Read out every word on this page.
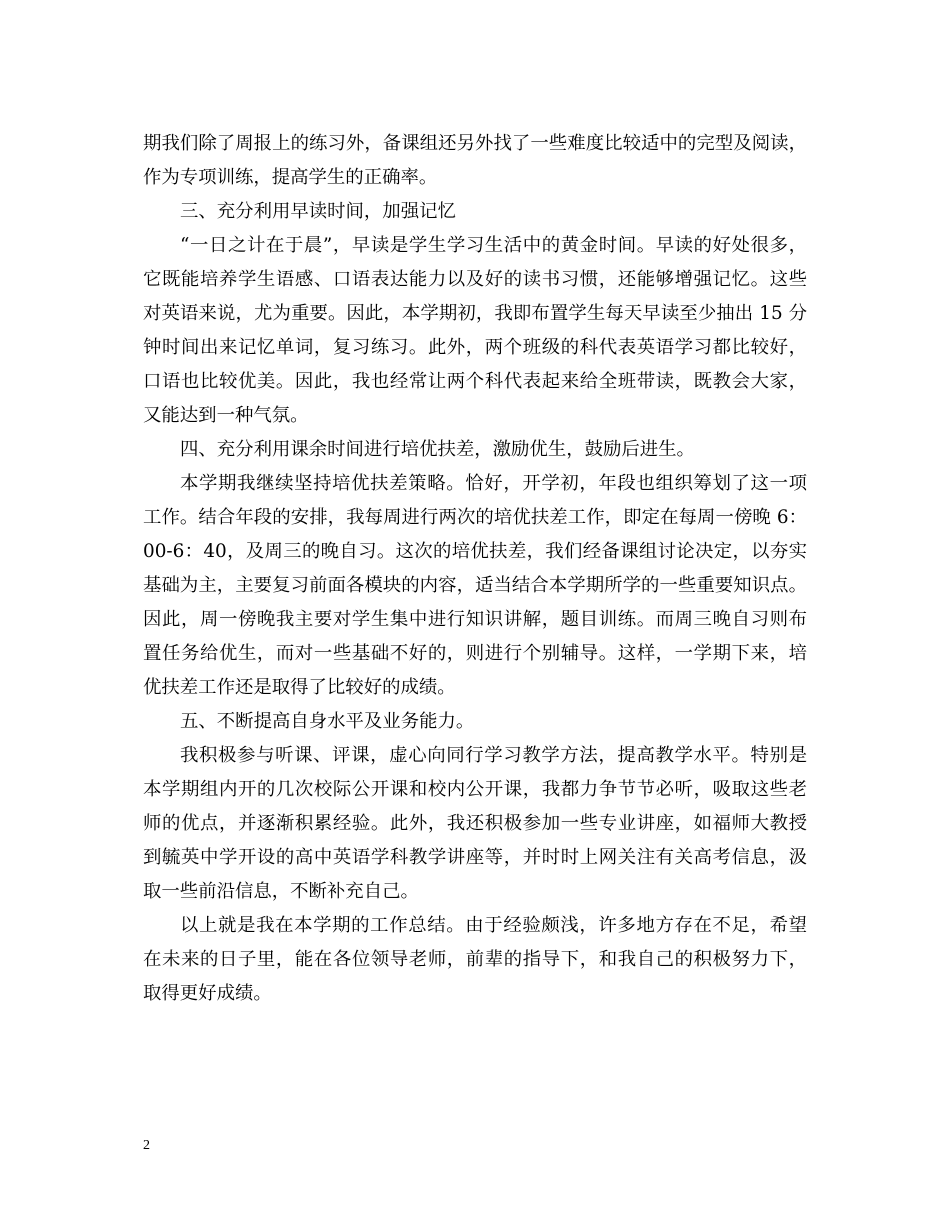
期我们除了周报上的练习外，备课组还另外找了一些难度比较适中的完型及阅读，
作为专项训练，提高学生的正确率。
三、充分利用早读时间，加强记忆
“一日之计在于晨”，早读是学生学习生活中的黄金时间。早读的好处很多，
它既能培养学生语感、口语表达能力以及好的读书习惯，还能够增强记忆。这些
对英语来说，尤为重要。因此，本学期初，我即布置学生每天早读至少抽出 15 分
钟时间出来记忆单词，复习练习。此外，两个班级的科代表英语学习都比较好，
口语也比较优美。因此，我也经常让两个科代表起来给全班带读，既教会大家，
又能达到一种气氛。
四、充分利用课余时间进行培优扶差，激励优生，鼓励后进生。
本学期我继续坚持培优扶差策略。恰好，开学初，年段也组织筹划了这一项
工作。结合年段的安排，我每周进行两次的培优扶差工作，即定在每周一傍晚 6：
00-6：40，及周三的晚自习。这次的培优扶差，我们经备课组讨论决定，以夯实
基础为主，主要复习前面各模块的内容，适当结合本学期所学的一些重要知识点。
因此，周一傍晚我主要对学生集中进行知识讲解，题目训练。而周三晚自习则布
置任务给优生，而对一些基础不好的，则进行个别辅导。这样，一学期下来，培
优扶差工作还是取得了比较好的成绩。
五、不断提高自身水平及业务能力。
我积极参与听课、评课，虚心向同行学习教学方法，提高教学水平。特别是
本学期组内开的几次校际公开课和校内公开课，我都力争节节必听，吸取这些老
师的优点，并逐渐积累经验。此外，我还积极参加一些专业讲座，如福师大教授
到毓英中学开设的高中英语学科教学讲座等，并时时上网关注有关高考信息，汲
取一些前沿信息，不断补充自己。
以上就是我在本学期的工作总结。由于经验颇浅，许多地方存在不足，希望
在未来的日子里，能在各位领导老师，前辈的指导下，和我自己的积极努力下，
取得更好成绩。
2
